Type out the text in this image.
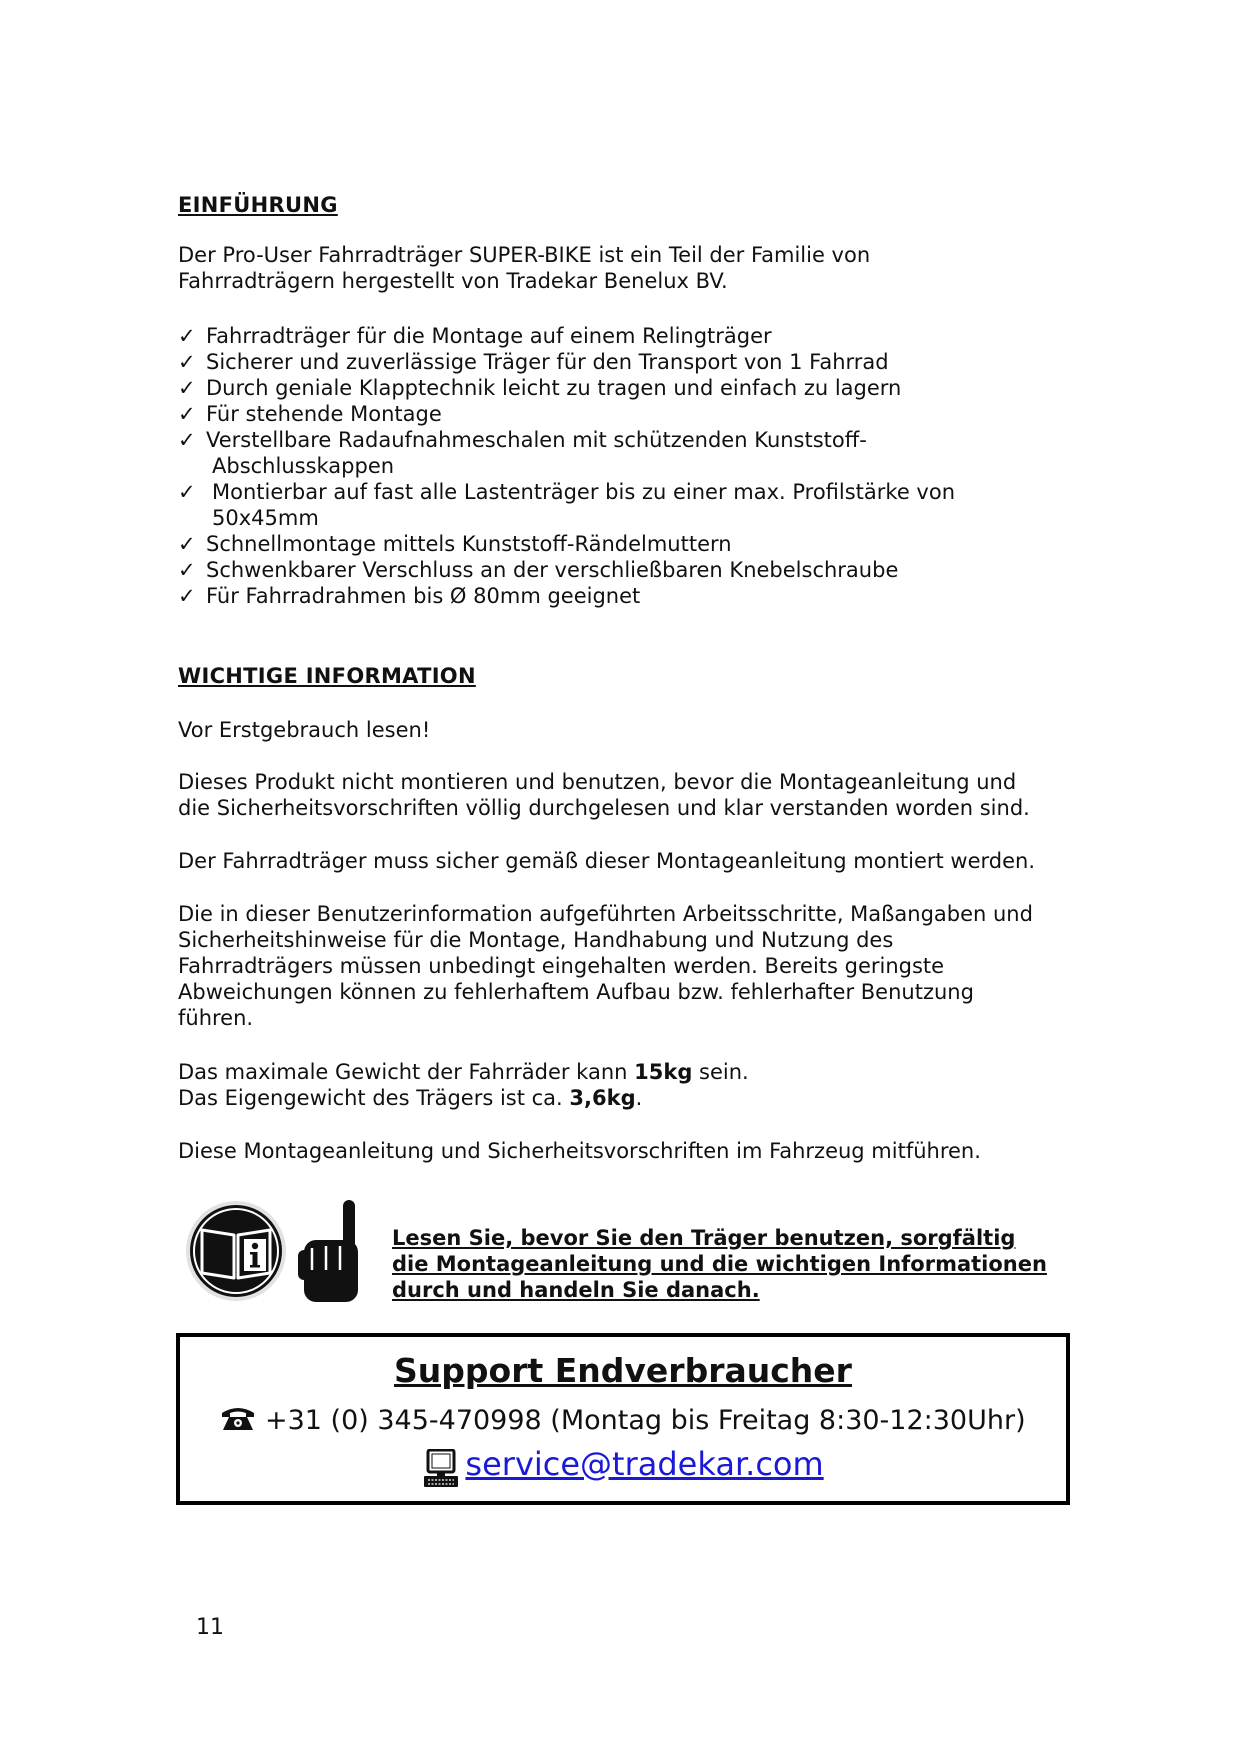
EINFÜHRUNG

Der Pro-User Fahrradträger SUPER-BIKE ist ein Teil der Familie von
Fahrradträgern hergestellt von Tradekar Benelux BV.

✓ Fahrradträger für die Montage auf einem Relingträger
✓ Sicherer und zuverlässige Träger für den Transport von 1 Fahrrad
✓ Durch geniale Klapptechnik leicht zu tragen und einfach zu lagern
✓ Für stehende Montage
✓ Verstellbare Radaufnahmeschalen mit schützenden Kunststoff-
Abschlusskappen
✓ Montierbar auf fast alle Lastenträger bis zu einer max. Profilstärke von
50x45mm
✓ Schnellmontage mittels Kunststoff-Rändelmuttern
✓ Schwenkbarer Verschluss an der verschließbaren Knebelschraube
✓ Für Fahrradrahmen bis Ø 80mm geeignet
WICHTIGE INFORMATION

Vor Erstgebrauch lesen!

Dieses Produkt nicht montieren und benutzen, bevor die Montageanleitung und
die Sicherheitsvorschriften völlig durchgelesen und klar verstanden worden sind.

Der Fahrradträger muss sicher gemäß dieser Montageanleitung montiert werden.

Die in dieser Benutzerinformation aufgeführten Arbeitsschritte, Maßangaben und
Sicherheitshinweise für die Montage, Handhabung und Nutzung des
Fahrradträgers müssen unbedingt eingehalten werden. Bereits geringste
Abweichungen können zu fehlerhaftem Aufbau bzw. fehlerhafter Benutzung
führen.

Das maximale Gewicht der Fahrräder kann 15kg sein.
Das Eigengewicht des Trägers ist ca. 3,6kg.

Diese Montageanleitung und Sicherheitsvorschriften im Fahrzeug mitführen.

Lesen Sie, bevor Sie den Träger benutzen, sorgfältig
die Montageanleitung und die wichtigen Informationen
durch und handeln Sie danach.

Support Endverbraucher

+31 (0) 345-470998 (Montag bis Freitag 8:30-12:30Uhr)

service@tradekar.com

11
